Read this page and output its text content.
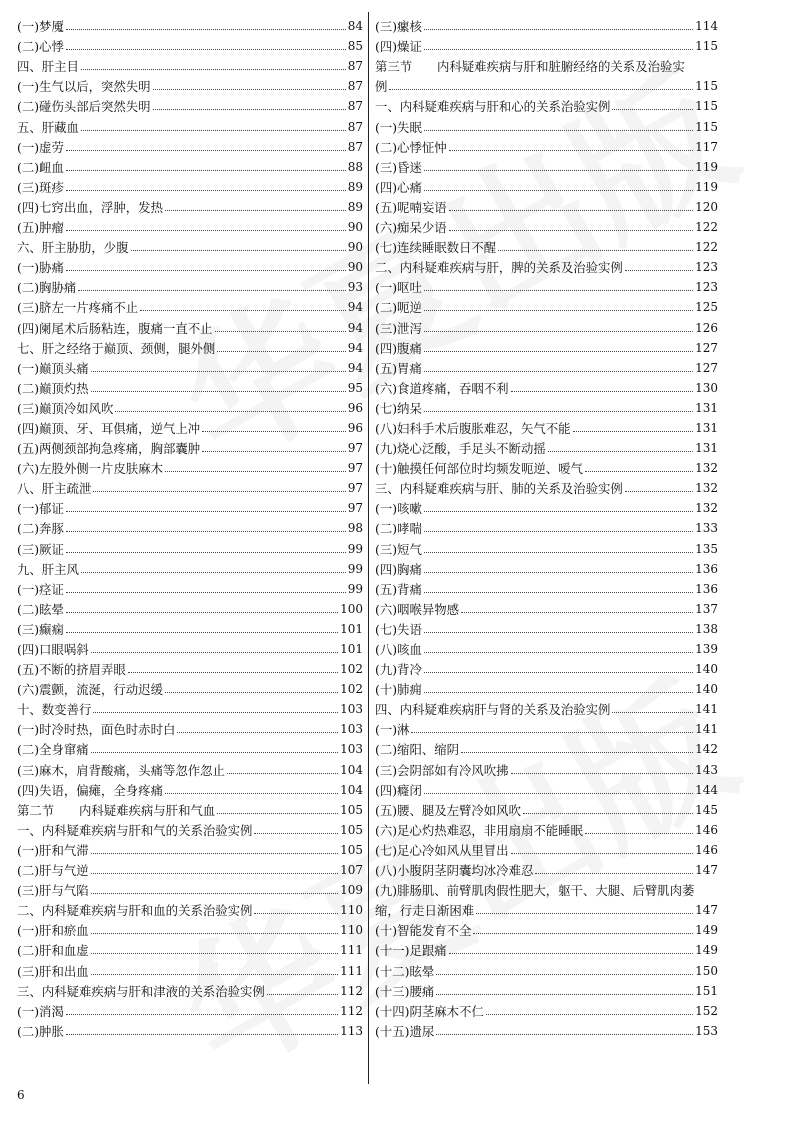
(一)梦魇	84
(二)心悸	85
四、肝主目	87
(一)生气以后，突然失明	87
(二)碰伤头部后突然失明	87
五、肝藏血	87
(一)虚劳	87
(二)衄血	88
(三)斑疹	89
(四)七窍出血，浮肿，发热	89
(五)肿瘤	90
六、肝主胁肋，少腹	90
(一)胁痛	90
(二)胸胁痛	93
(三)脐左一片疼痛不止	94
(四)阑尾术后肠粘连，腹痛一直不止	94
七、肝之经络于巅顶、颈侧，腿外侧	94
(一)巅顶头痛	94
(二)巅顶灼热	95
(三)巅顶冷如风吹	96
(四)巅顶、牙、耳俱痛，逆气上冲	96
(五)两侧颈部拘急疼痛，胸部囊肿	97
(六)左股外侧一片皮肤麻木	97
八、肝主疏泄	97
(一)郁证	97
(二)奔豚	98
(三)厥证	99
九、肝主风	99
(一)痉证	99
(二)眩晕	100
(三)癫痫	101
(四)口眼㖞斜	101
(五)不断的挤眉弄眼	102
(六)震颤，流涎，行动迟缓	102
十、数变善行	103
(一)时冷时热，面色时赤时白	103
(二)全身窜痛	103
(三)麻木，肩背酸痛，头痛等忽作忽止	104
(四)失语，偏瘫，全身疼痛	104
第二节　　内科疑难疾病与肝和气血	105
一、内科疑难疾病与肝和气的关系治验实例	105
(一)肝和气滞	105
(二)肝与气逆	107
(三)肝与气陷	109
二、内科疑难疾病与肝和血的关系治验实例	110
(一)肝和瘀血	110
(二)肝和血虚	111
(三)肝和出血	111
三、内科疑难疾病与肝和津液的关系治验实例	112
(一)消渴	112
(二)肿胀	113
(三)瘰核	114
(四)燥证	115
第三节　　内科疑难疾病与肝和脏腑经络的关系及治验实
例	115
一、内科疑难疾病与肝和心的关系治验实例	115
(一)失眠	115
(二)心悸怔忡	117
(三)昏迷	119
(四)心痛	119
(五)呢喃妄语	120
(六)痴呆少语	122
(七)连续睡眠数日不醒	122
二、内科疑难疾病与肝，脾的关系及治验实例	123
(一)呕吐	123
(二)呃逆	125
(三)泄泻	126
(四)腹痛	127
(五)胃痛	127
(六)食道疼痛，吞咽不利	130
(七)纳呆	131
(八)妇科手术后腹胀难忍，矢气不能	131
(九)烧心泛酸，手足头不断动摇	131
(十)触摸任何部位时均频发呃逆、嗳气	132
三、内科疑难疾病与肝、肺的关系及治验实例	132
(一)咳嗽	132
(二)哮喘	133
(三)短气	135
(四)胸痛	136
(五)背痛	136
(六)咽喉异物感	137
(七)失语	138
(八)咳血	139
(九)背冷	140
(十)肺痈	140
四、内科疑难疾病肝与肾的关系及治验实例	141
(一)淋	141
(二)缩阳、缩阴	142
(三)会阴部如有冷风吹拂	143
(四)癃闭	144
(五)腰、腿及左臂冷如风吹	145
(六)足心灼热难忍，非用扇扇不能睡眠	146
(七)足心冷如风从里冒出	146
(八)小腹阴茎阴囊均冰冷难忍	147
(九)腓肠肌、前臂肌肉假性肥大，躯干、大腿、后臂肌肉萎
缩，行走日渐困难	147
(十)智能发育不全	149
(十一)足跟痛	149
(十二)眩晕	150
(十三)腰痛	151
(十四)阴茎麻木不仁	152
(十五)遗尿	153
6
